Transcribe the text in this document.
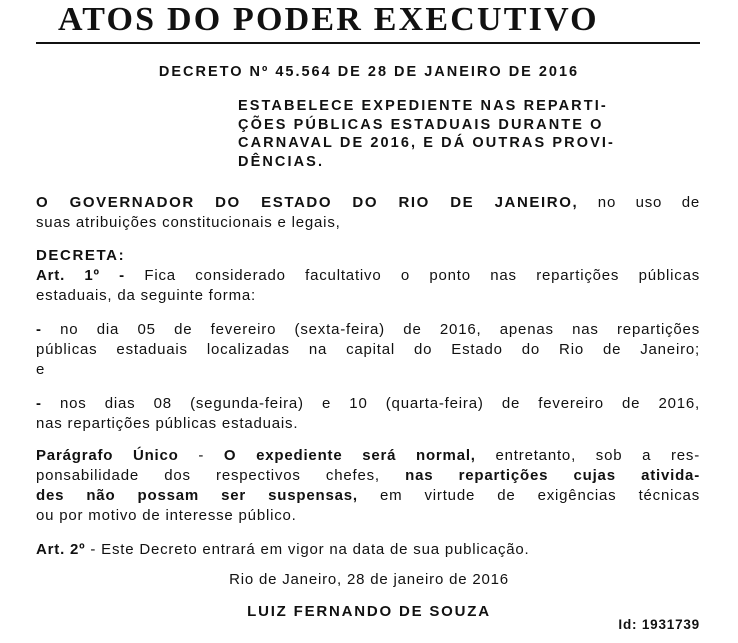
ATOS DO PODER EXECUTIVO
DECRETO Nº 45.564 DE 28 DE JANEIRO DE 2016
ESTABELECE EXPEDIENTE NAS REPARTI-
ÇÕES PÚBLICAS ESTADUAIS DURANTE O
CARNAVAL DE 2016, E DÁ OUTRAS PROVI-
DÊNCIAS.
O GOVERNADOR DO ESTADO DO RIO DE JANEIRO, no uso de
suas atribuições constitucionais e legais,
DECRETA:
Art. 1º - Fica considerado facultativo o ponto nas repartições públicas
estaduais, da seguinte forma:
- no dia 05 de fevereiro (sexta-feira) de 2016, apenas nas repartições
públicas estaduais localizadas na capital do Estado do Rio de Janeiro;
e
- nos dias 08 (segunda-feira) e 10 (quarta-feira) de fevereiro de 2016,
nas repartições públicas estaduais.
Parágrafo Único - O expediente será normal, entretanto, sob a res-
ponsabilidade dos respectivos chefes, nas repartições cujas ativida-
des não possam ser suspensas, em virtude de exigências técnicas
ou por motivo de interesse público.
Art. 2º - Este Decreto entrará em vigor na data de sua publicação.
Rio de Janeiro, 28 de janeiro de 2016
LUIZ FERNANDO DE SOUZA
Id: 1931739
